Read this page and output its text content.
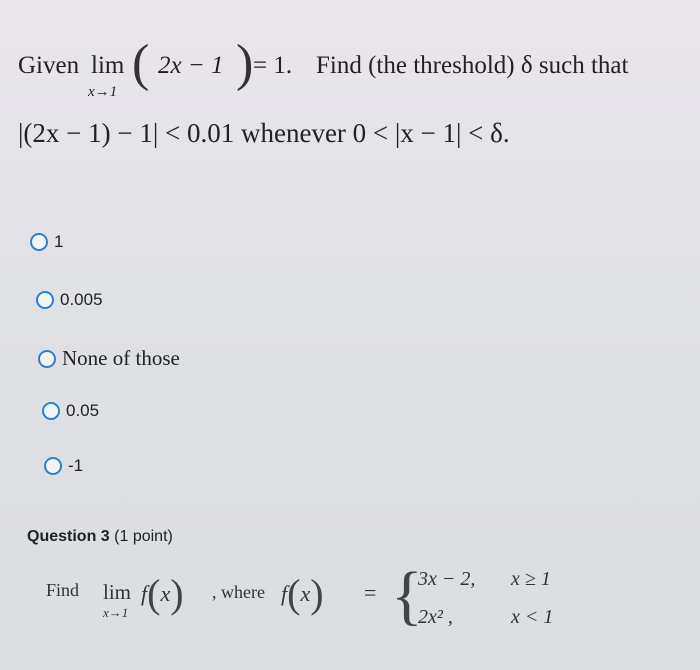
Given lim
x→1 ( 2x − 1 ) = 1. Find (the threshold) δ such that
|(2x − 1) − 1| < 0.01 whenever 0 < |x − 1| < δ.
1
0.005
None of those
0.05
-1
Question 3 (1 point)
Find lim
x→1
f(x) , where f(x) = {
3x − 2, x ≥ 1
2x² ,	x < 1
